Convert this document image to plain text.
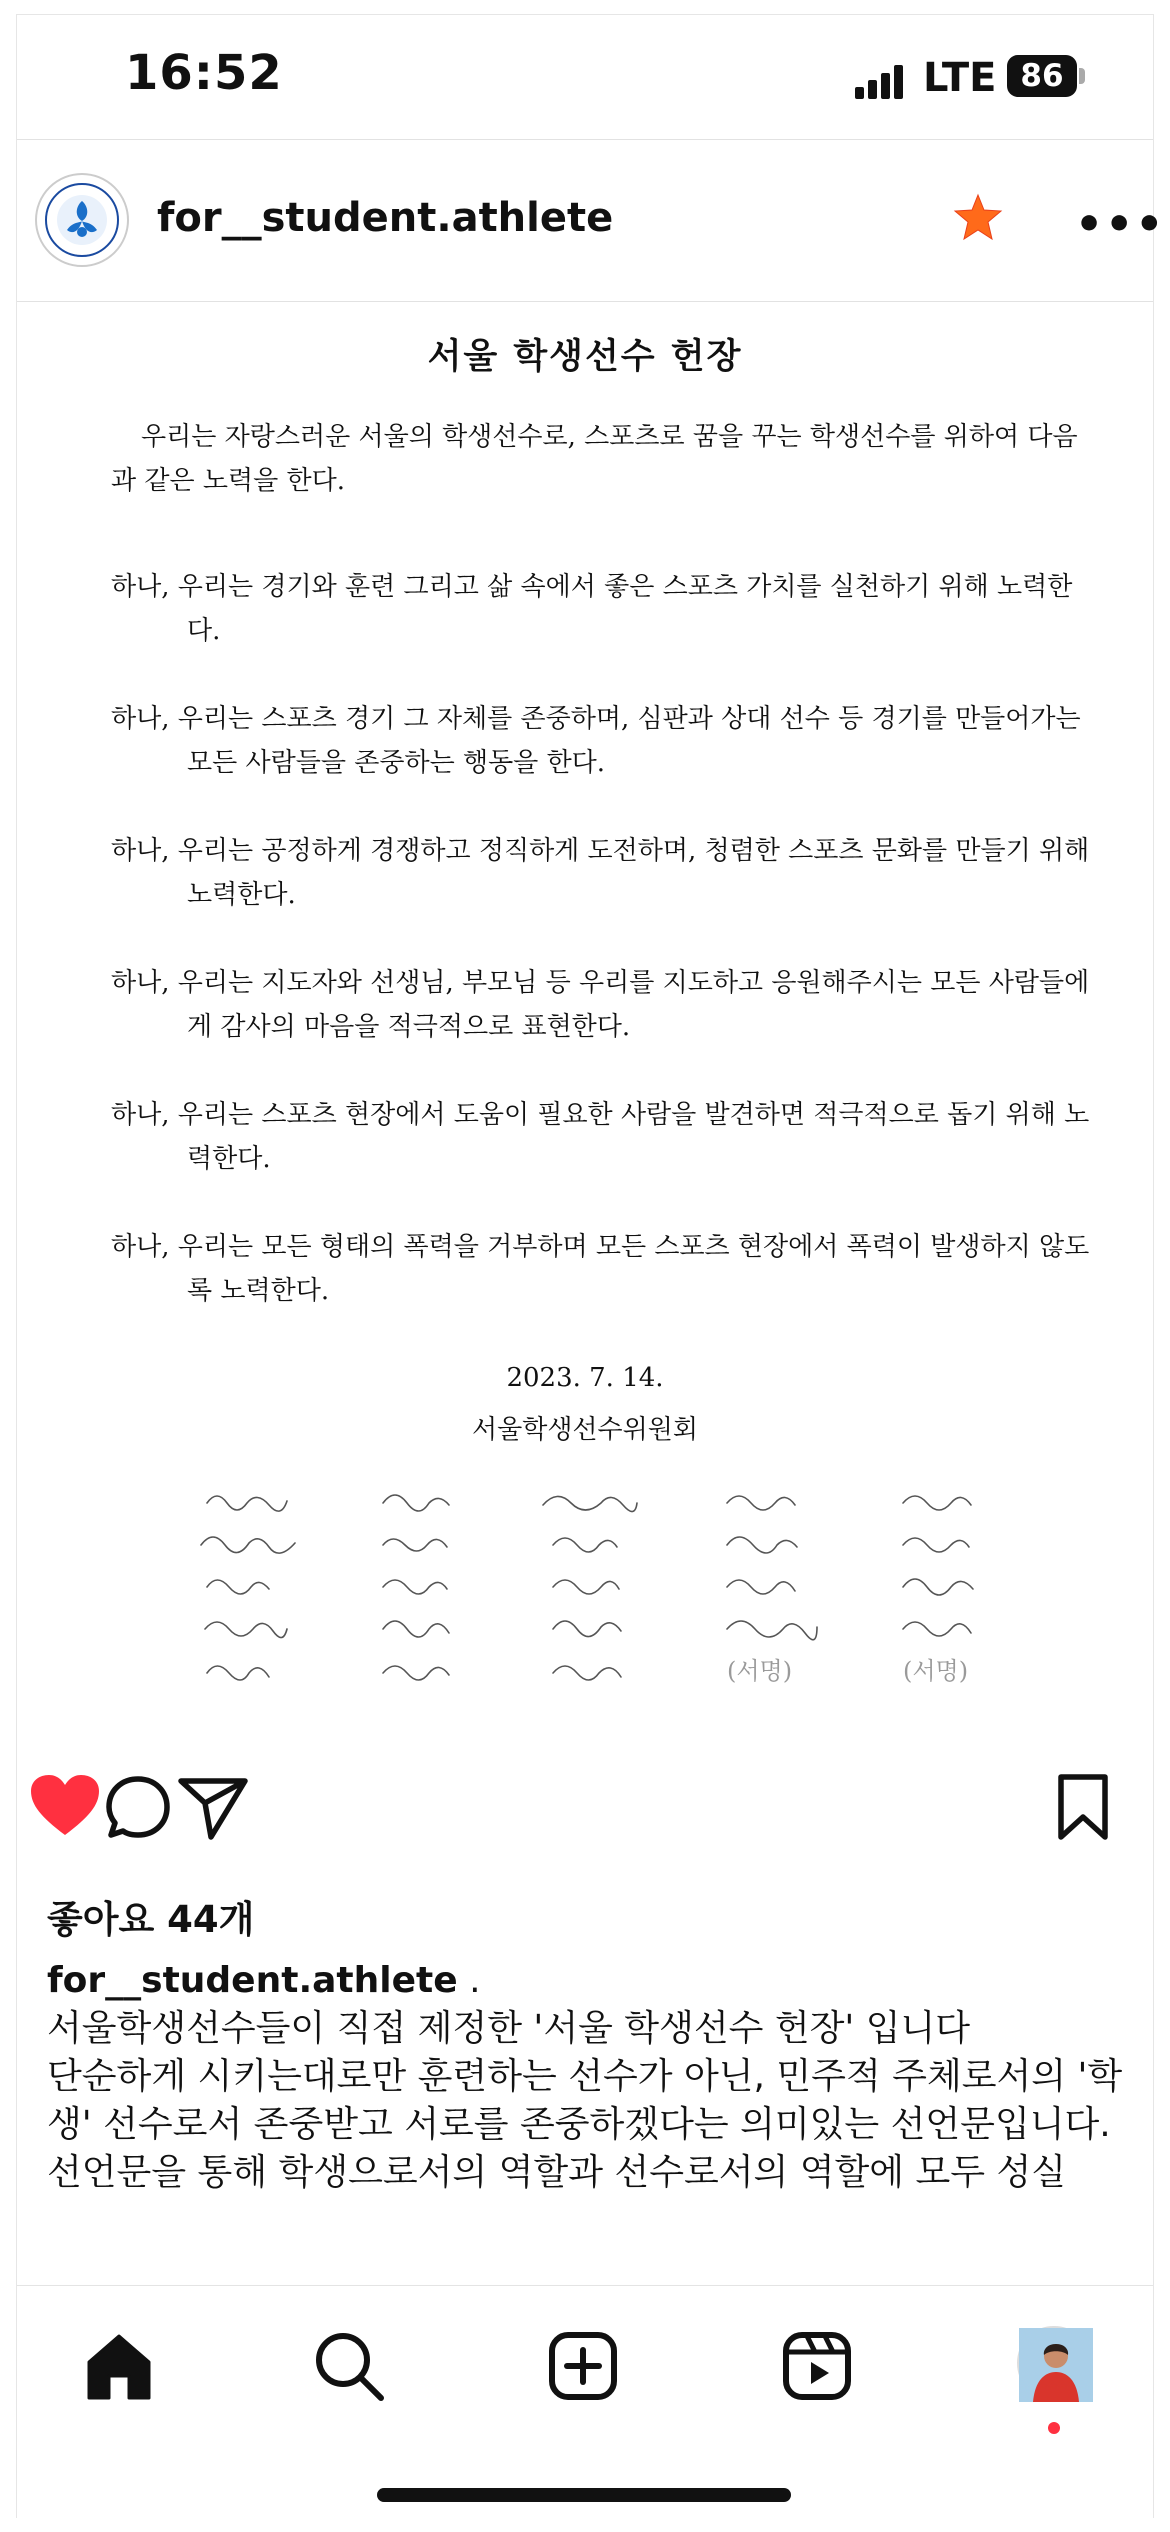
16:52	LTE 86
for__student.athlete	•••
서울 학생선수 헌장
우리는 자랑스러운 서울의 학생선수로, 스포츠로 꿈을 꾸는 학생선수를 위하여 다음과 같은 노력을 한다.
하나, 우리는 경기와 훈련 그리고 삶 속에서 좋은 스포츠 가치를 실천하기 위해 노력한다.
하나, 우리는 스포츠 경기 그 자체를 존중하며, 심판과 상대 선수 등 경기를 만들어가는 모든 사람들을 존중하는 행동을 한다.
하나, 우리는 공정하게 경쟁하고 정직하게 도전하며, 청렴한 스포츠 문화를 만들기 위해 노력한다.
하나, 우리는 지도자와 선생님, 부모님 등 우리를 지도하고 응원해주시는 모든 사람들에게 감사의 마음을 적극적으로 표현한다.
하나, 우리는 스포츠 현장에서 도움이 필요한 사람을 발견하면 적극적으로 돕기 위해 노력한다.
하나, 우리는 모든 형태의 폭력을 거부하며 모든 스포츠 현장에서 폭력이 발생하지 않도록 노력한다.
2023. 7. 14.
서울학생선수위원회
(서명)	(서명)
좋아요 44개

for__student.athlete .

서울학생선수들이 직접 제정한 '서울 학생선수 헌장' 입니다

단순하게 시키는대로만 훈련하는 선수가 아닌, 민주적 주체로서의 '학생' 선수로서 존중받고 서로를 존중하겠다는 의미있는 선언문입니다.

선언문을 통해 학생으로서의 역할과 선수로서의 역할에 모두 성실
